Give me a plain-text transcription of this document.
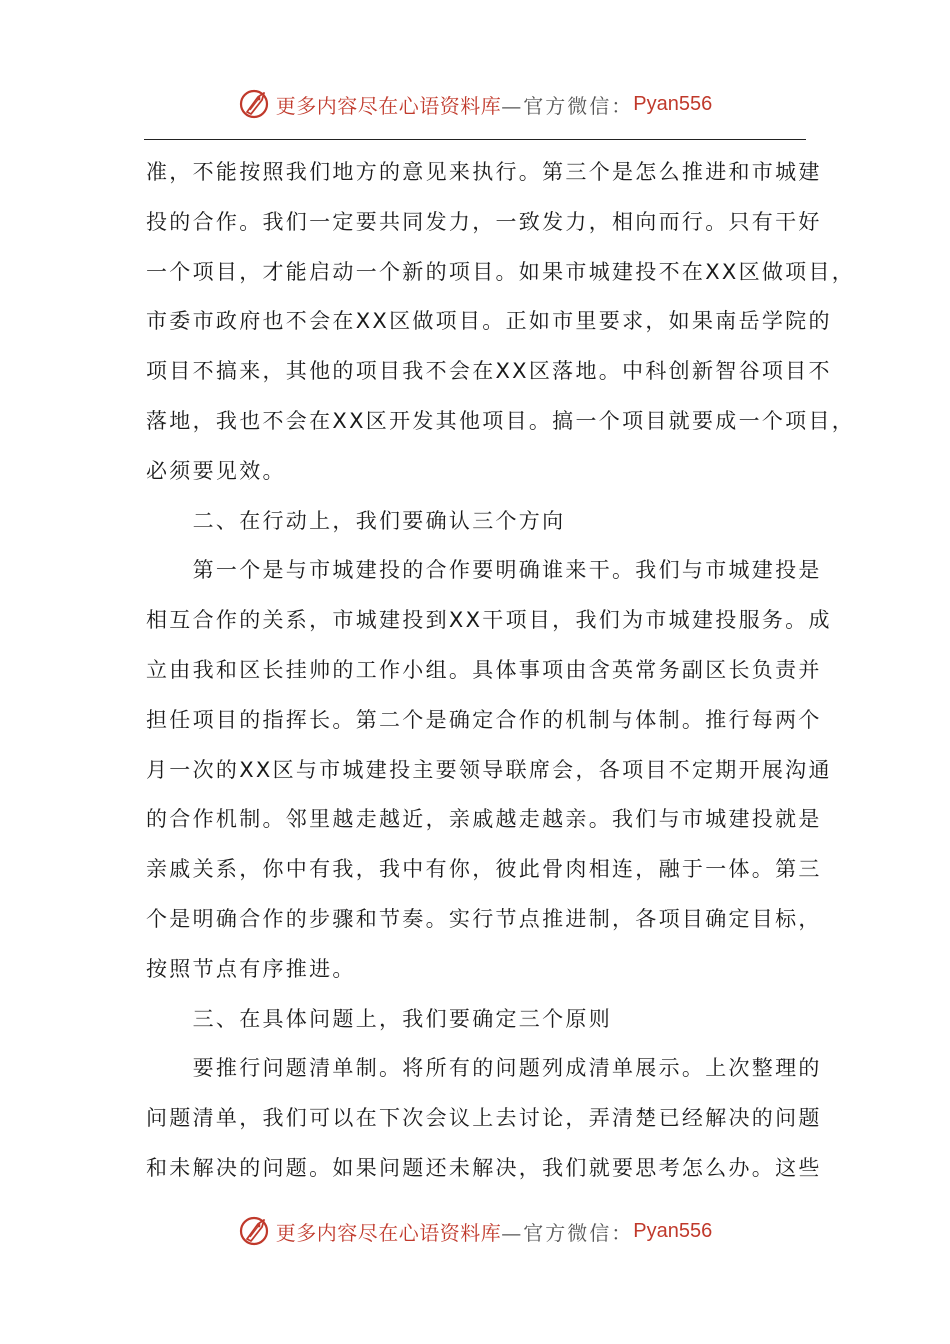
更多内容尽在心语资料库 —官方微信： Pyan556
准，不能按照我们地方的意见来执行。第三个是怎么推进和市城建
投的合作。我们一定要共同发力，一致发力，相向而行。只有干好
一个项目，才能启动一个新的项目。如果市城建投不在XX区做项目，
市委市政府也不会在XX区做项目。正如市里要求，如果南岳学院的
项目不搞来，其他的项目我不会在XX区落地。中科创新智谷项目不
落地，我也不会在XX区开发其他项目。搞一个项目就要成一个项目，
必须要见效。
　　二、在行动上，我们要确认三个方向
　　第一个是与市城建投的合作要明确谁来干。我们与市城建投是
相互合作的关系，市城建投到XX干项目，我们为市城建投服务。成
立由我和区长挂帅的工作小组。具体事项由含英常务副区长负责并
担任项目的指挥长。第二个是确定合作的机制与体制。推行每两个
月一次的XX区与市城建投主要领导联席会，各项目不定期开展沟通
的合作机制。邻里越走越近，亲戚越走越亲。我们与市城建投就是
亲戚关系，你中有我，我中有你，彼此骨肉相连，融于一体。第三
个是明确合作的步骤和节奏。实行节点推进制，各项目确定目标，
按照节点有序推进。
　　三、在具体问题上，我们要确定三个原则
　　要推行问题清单制。将所有的问题列成清单展示。上次整理的
问题清单，我们可以在下次会议上去讨论，弄清楚已经解决的问题
和未解决的问题。如果问题还未解决，我们就要思考怎么办。这些
更多内容尽在心语资料库 —官方微信： Pyan556
